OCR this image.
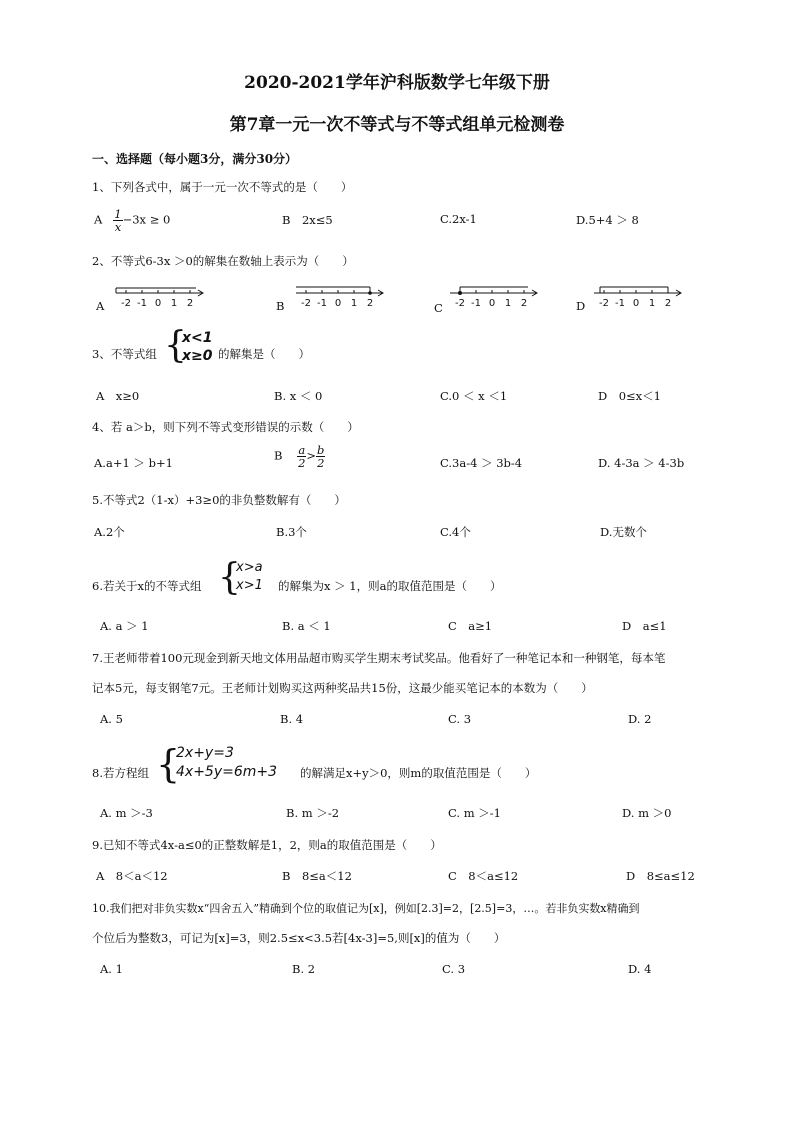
2020-2021学年沪科版数学七年级下册
第7章一元一次不等式与不等式组单元检测卷
一、选择题（每小题3分，满分30分）
1、下列各式中，属于一元一次不等式的是（　　）
A $\frac{1}{x} -3x \ge 0$	B　2x≤5	C.2x-1	D.5+4 ＞ 8
2、不等式6-3x ＞0的解集在数轴上表示为（　　）
A -2 -1 0 1 2	B -2 -1 0 1 2	C -2 -1 0 1 2	D -2 -1 0 1 2
3、不等式组 {
x<1
x≥0 的解集是（　　）
A　x≥0	B. x ＜ 0	C.0 ＜ x ＜1	D　0≤x＜1
4、若 a＞b，则下列不等式变形错误的示数（　　）
A.a+1 ＞ b+1
B $\frac{a}{2} > \frac{b}{2}$	C.3a-4 ＞ 3b-4	D. 4-3a ＞ 4-3b
5.不等式2（1-x）+3≥0的非负整数解有（　　）
A.2个	B.3个	C.4个	D.无数个
6.若关于x的不等式组 {
x>a
x>1 的解集为x ＞ 1，则a的取值范围是（　　）
A. a ＞ 1	B. a ＜ 1	C　a≥1	D　a≤1
7.王老师带着100元现金到新天地文体用品超市购买学生期末考试奖品。他看好了一种笔记本和一种钢笔，每本笔
记本5元，每支钢笔7元。王老师计划购买这两种奖品共15份，这最少能买笔记本的本数为（　　）
A. 5	B. 4	C. 3	D. 2
8.若方程组 {
2x+y=3
4x+5y=6m+3 的解满足x+y＞0，则m的取值范围是（　　）
A. m ＞-3	B. m ＞-2	C. m ＞-1	D. m ＞0
9.已知不等式4x-a≤0的正整数解是1，2，则a的取值范围是（　　）
A　8＜a＜12	B　8≤a＜12	C　8＜a≤12	D　8≤a≤12
10.我们把对非负实数x“四舍五入”精确到个位的取值记为[x]，例如[2.3]=2，[2.5]=3，…。若非负实数x精确到
个位后为整数3，可记为[x]=3，则2.5≤x<3.5若[4x-3]=5,则[x]的值为（　　）
A. 1	B. 2	C. 3	D. 4
